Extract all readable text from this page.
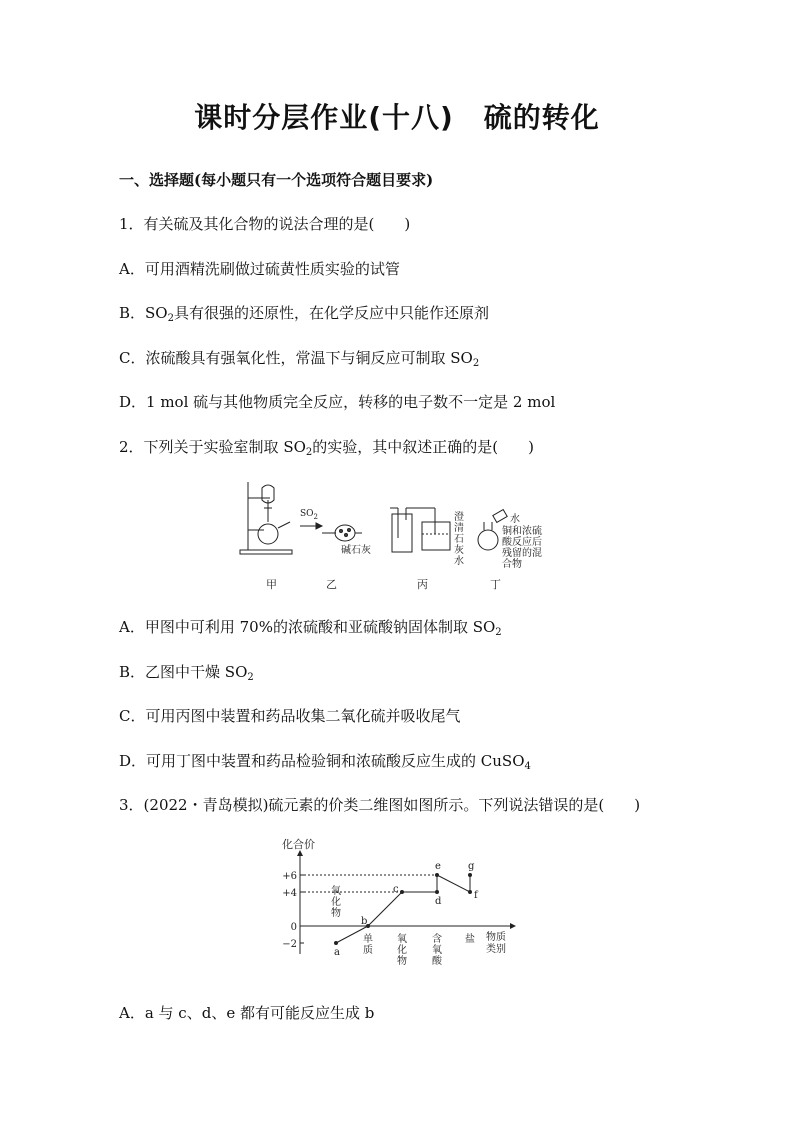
课时分层作业(十八) 硫的转化
一、选择题(每小题只有一个选项符合题目要求)
1．有关硫及其化合物的说法合理的是(　　)
A．可用酒精洗刷做过硫黄性质实验的试管
B．$SO_2$具有很强的还原性，在化学反应中只能作还原剂
C．浓硫酸具有强氧化性，常温下与铜反应可制取 $SO_2$
D．1 mol 硫与其他物质完全反应，转移的电子数不一定是 2 mol
2．下列关于实验室制取 $SO_2$的实验，其中叙述正确的是(　　)
$SO_2$
碱石灰
澄 清 石 灰 水
水
铜和浓硫 酸反应后 残留的混 合物
甲	乙	丙	丁
A．甲图中可利用 70%的浓硫酸和亚硫酸钠固体制取 $SO_2$
B．乙图中干燥 $SO_2$
C．可用丙图中装置和药品收集二氧化硫并吸收尾气
D．可用丁图中装置和药品检验铜和浓硫酸反应生成的 CuSO$_4$
3．(2022・青岛模拟)硫元素的价类二维图如图所示。下列说法错误的是(　　)
化合价
物质
类别
+6
+4
0
−2	单
质
氧
化
物
含
氧
酸
盐
氧
化
物
a
b
c
d
e
f
g
A．a 与 c、d、e 都有可能反应生成 b
